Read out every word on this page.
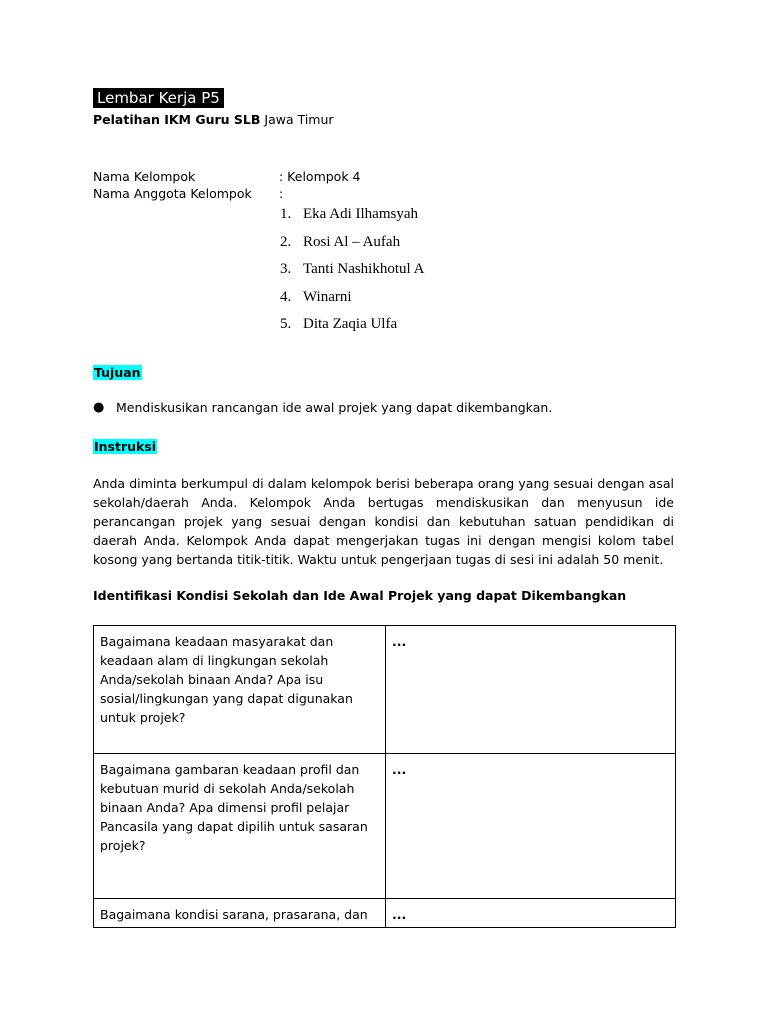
Lembar Kerja P5
Pelatihan IKM Guru SLB Jawa Timur
Nama Kelompok	: Kelompok 4
Nama Anggota Kelompok :
1. Eka Adi Ilhamsyah
2. Rosi Al – Aufah
3. Tanti Nashikhotul A
4. Winarni
5. Dita Zaqia Ulfa
Tujuan
● Mendiskusikan rancangan ide awal projek yang dapat dikembangkan.
Instruksi
Anda diminta berkumpul di dalam kelompok berisi beberapa orang yang sesuai dengan asal sekolah/daerah Anda. Kelompok Anda bertugas mendiskusikan dan menyusun ide perancangan projek yang sesuai dengan kondisi dan kebutuhan satuan pendidikan di daerah Anda. Kelompok Anda dapat mengerjakan tugas ini dengan mengisi kolom tabel kosong yang bertanda titik-titik. Waktu untuk pengerjaan tugas di sesi ini adalah 50 menit.
Identifikasi Kondisi Sekolah dan Ide Awal Projek yang dapat Dikembangkan
Bagaimana keadaan masyarakat dan keadaan alam di lingkungan sekolah Anda/sekolah binaan Anda? Apa isu sosial/lingkungan yang dapat digunakan untuk projek?	...
Bagaimana gambaran keadaan profil dan kebutuan murid di sekolah Anda/sekolah binaan Anda? Apa dimensi profil pelajar Pancasila yang dapat dipilih untuk sasaran projek?	...
Bagaimana kondisi sarana, prasarana, dan	...
